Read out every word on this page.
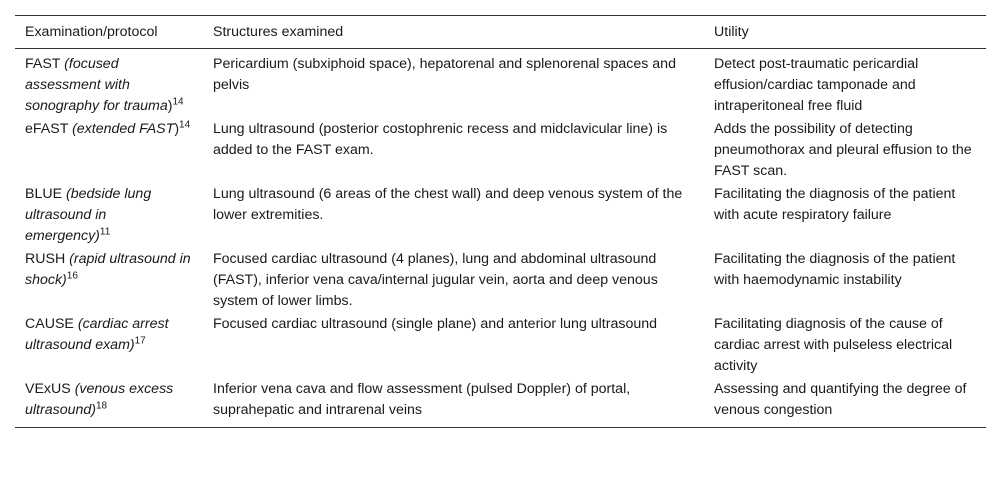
Examination/protocol	Structures examined	Utility
FAST (focused assessment with sonography for trauma)$^{14}$	Pericardium (subxiphoid space), hepatorenal and splenorenal spaces and pelvis	Detect post-traumatic pericardial effusion/cardiac tamponade and intraperitoneal free fluid
eFAST (extended FAST)$^{14}$	Lung ultrasound (posterior costophrenic recess and midclavicular line) is added to the FAST exam.	Adds the possibility of detecting pneumothorax and pleural effusion to the FAST scan.
BLUE (bedside lung ultrasound in emergency)$^{11}$	Lung ultrasound (6 areas of the chest wall) and deep venous system of the lower extremities.	Facilitating the diagnosis of the patient with acute respiratory failure
RUSH (rapid ultrasound in shock)$^{16}$	Focused cardiac ultrasound (4 planes), lung and abdominal ultrasound (FAST), inferior vena cava/internal jugular vein, aorta and deep venous system of lower limbs.	Facilitating the diagnosis of the patient with haemodynamic instability
CAUSE (cardiac arrest ultrasound exam)$^{17}$	Focused cardiac ultrasound (single plane) and anterior lung ultrasound	Facilitating diagnosis of the cause of cardiac arrest with pulseless electrical activity
VExUS (venous excess ultrasound)$^{18}$	Inferior vena cava and flow assessment (pulsed Doppler) of portal, suprahepatic and intrarenal veins	Assessing and quantifying the degree of venous congestion
